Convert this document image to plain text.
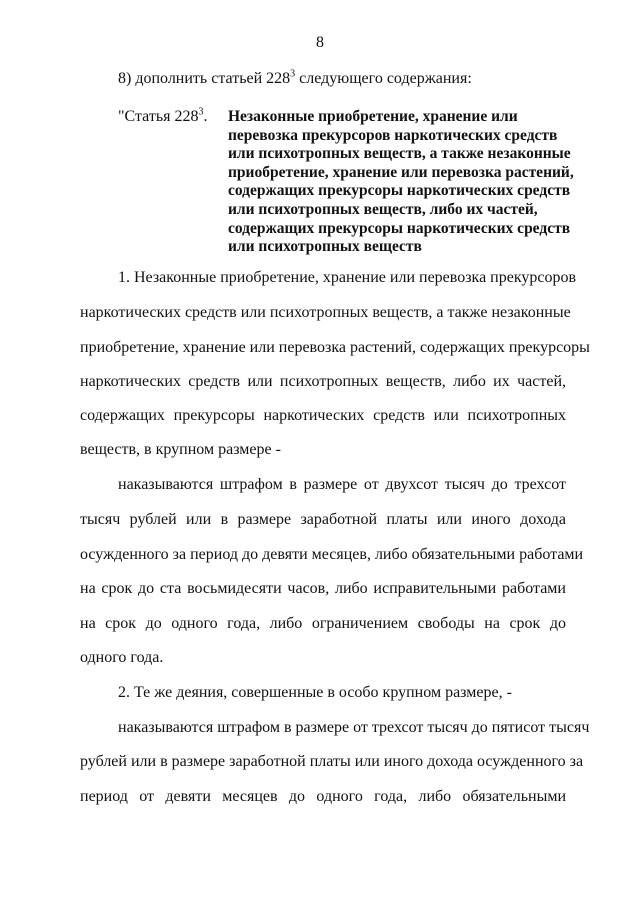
8
8) дополнить статьей $228^3$ следующего содержания:
"Статья $228^3$. Незаконные приобретение, хранение или
перевозка прекурсоров наркотических средств
или психотропных веществ, а также незаконные
приобретение, хранение или перевозка растений,
содержащих прекурсоры наркотических средств
или психотропных веществ, либо их частей,
содержащих прекурсоры наркотических средств
или психотропных веществ
1. Незаконные приобретение, хранение или перевозка прекурсоров
наркотических средств или психотропных веществ, а также незаконные
приобретение, хранение или перевозка растений, содержащих прекурсоры
наркотических средств или психотропных веществ, либо их частей,
содержащих прекурсоры наркотических средств или психотропных
веществ, в крупном размере -
наказываются штрафом в размере от двухсот тысяч до трехсот
тысяч рублей или в размере заработной платы или иного дохода
осужденного за период до девяти месяцев, либо обязательными работами
на срок до ста восьмидесяти часов, либо исправительными работами
на срок до одного года, либо ограничением свободы на срок до
одного года.
2. Те же деяния, совершенные в особо крупном размере, -
наказываются штрафом в размере от трехсот тысяч до пятисот тысяч
рублей или в размере заработной платы или иного дохода осужденного за
период от девяти месяцев до одного года, либо обязательными
